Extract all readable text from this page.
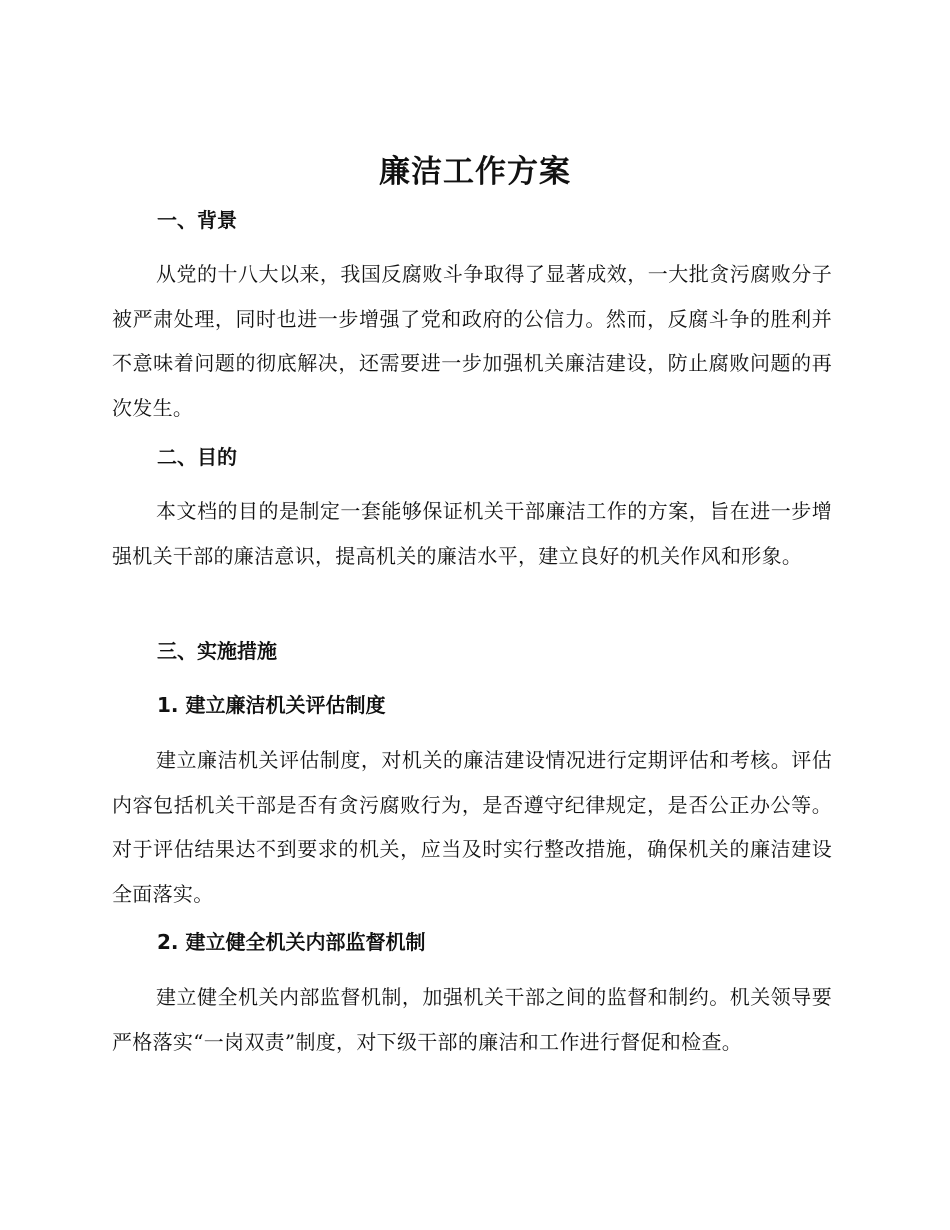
廉洁工作方案
一、背景

从党的十八大以来，我国反腐败斗争取得了显著成效，一大批贪污腐败分子被严肃处理，同时也进一步增强了党和政府的公信力。然而，反腐斗争的胜利并不意味着问题的彻底解决，还需要进一步加强机关廉洁建设，防止腐败问题的再次发生。

二、目的

本文档的目的是制定一套能够保证机关干部廉洁工作的方案，旨在进一步增强机关干部的廉洁意识，提高机关的廉洁水平，建立良好的机关作风和形象。

三、实施措施
1. 建立廉洁机关评估制度

建立廉洁机关评估制度，对机关的廉洁建设情况进行定期评估和考核。评估内容包括机关干部是否有贪污腐败行为，是否遵守纪律规定，是否公正办公等。对于评估结果达不到要求的机关，应当及时实行整改措施，确保机关的廉洁建设全面落实。

2. 建立健全机关内部监督机制

建立健全机关内部监督机制，加强机关干部之间的监督和制约。机关领导要严格落实“一岗双责”制度，对下级干部的廉洁和工作进行督促和检查。
